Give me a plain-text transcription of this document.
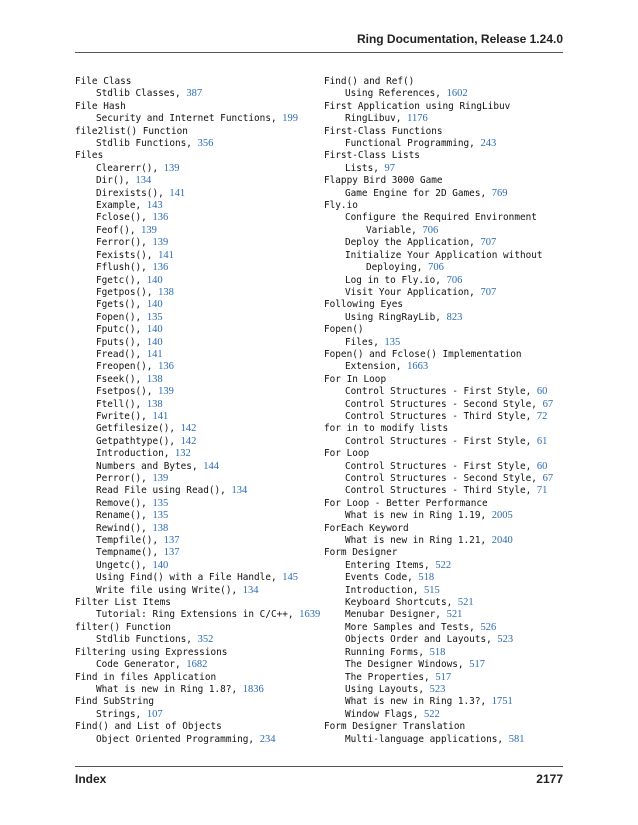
Ring Documentation, Release 1.24.0
File Class
Stdlib Classes, 387
File Hash
Security and Internet Functions, 199
file2list() Function
Stdlib Functions, 356
Files
Clearerr(), 139
Dir(), 134
Direxists(), 141
Example, 143
Fclose(), 136
Feof(), 139
Ferror(), 139
Fexists(), 141
Fflush(), 136
Fgetc(), 140
Fgetpos(), 138
Fgets(), 140
Fopen(), 135
Fputc(), 140
Fputs(), 140
Fread(), 141
Freopen(), 136
Fseek(), 138
Fsetpos(), 139
Ftell(), 138
Fwrite(), 141
Getfilesize(), 142
Getpathtype(), 142
Introduction, 132
Numbers and Bytes, 144
Perror(), 139
Read File using Read(), 134
Remove(), 135
Rename(), 135
Rewind(), 138
Tempfile(), 137
Tempname(), 137
Ungetc(), 140
Using Find() with a File Handle, 145
Write file using Write(), 134
Filter List Items
Tutorial: Ring Extensions in C/C++, 1639
filter() Function
Stdlib Functions, 352
Filtering using Expressions
Code Generator, 1682
Find in files Application
What is new in Ring 1.8?, 1836
Find SubString
Strings, 107
Find() and List of Objects
Object Oriented Programming, 234
Find() and Ref()
Using References, 1602
First Application using RingLibuv
RingLibuv, 1176
First-Class Functions
Functional Programming, 243
First-Class Lists
Lists, 97
Flappy Bird 3000 Game
Game Engine for 2D Games, 769
Fly.io
Configure the Required Environment
Variable, 706
Deploy the Application, 707
Initialize Your Application without
Deploying, 706
Log in to Fly.io, 706
Visit Your Application, 707
Following Eyes
Using RingRayLib, 823
Fopen()
Files, 135
Fopen() and Fclose() Implementation
Extension, 1663
For In Loop
Control Structures - First Style, 60
Control Structures - Second Style, 67
Control Structures - Third Style, 72
for in to modify lists
Control Structures - First Style, 61
For Loop
Control Structures - First Style, 60
Control Structures - Second Style, 67
Control Structures - Third Style, 71
For Loop - Better Performance
What is new in Ring 1.19, 2005
ForEach Keyword
What is new in Ring 1.21, 2040
Form Designer
Entering Items, 522
Events Code, 518
Introduction, 515
Keyboard Shortcuts, 521
Menubar Designer, 521
More Samples and Tests, 526
Objects Order and Layouts, 523
Running Forms, 518
The Designer Windows, 517
The Properties, 517
Using Layouts, 523
What is new in Ring 1.3?, 1751
Window Flags, 522
Form Designer Translation
Multi-language applications, 581
Index	2177
